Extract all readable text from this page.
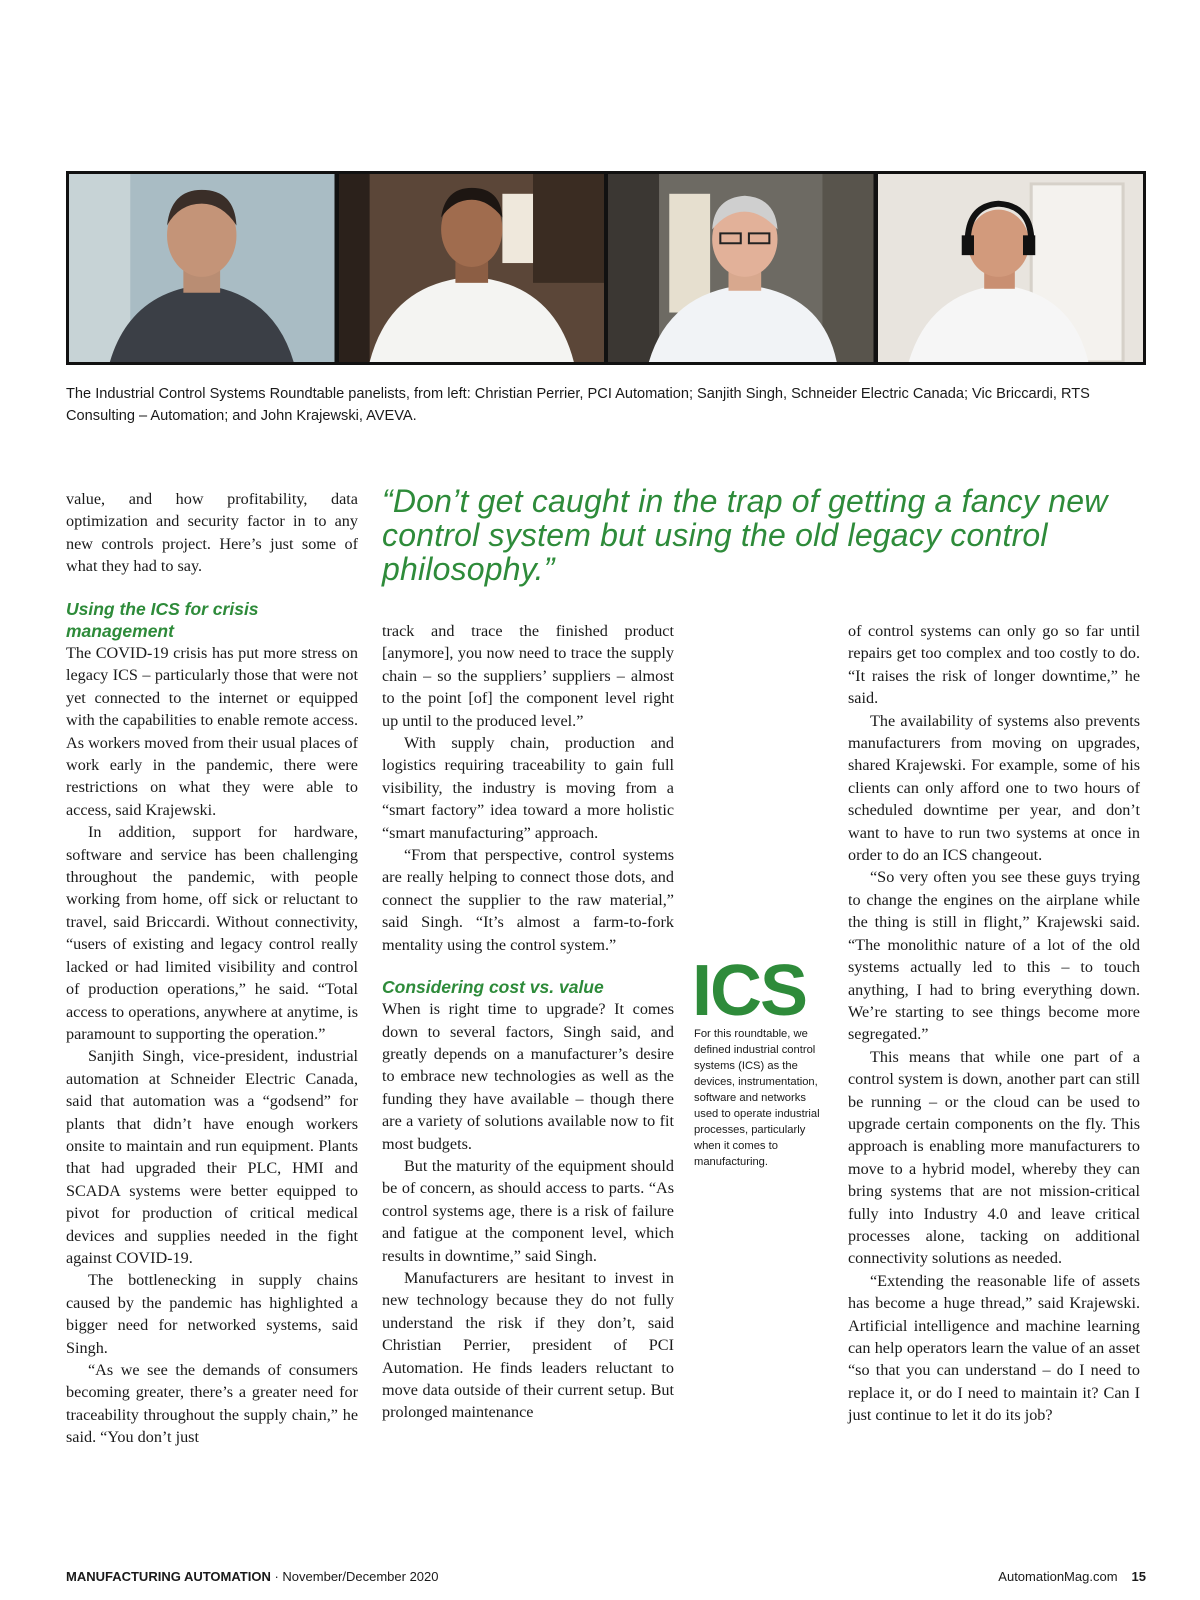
The Industrial Control Systems Roundtable panelists, from left: Christian Perrier, PCI Automation; Sanjith Singh, Schneider Electric Canada; Vic Briccardi, RTS Consulting – Automation; and John Krajewski, AVEVA.
“Don’t get caught in the trap of getting a fancy new control system but using the old legacy control philosophy.”

value, and how profitability, data optimization and security factor in to any new controls project. Here’s just some of what they had to say.

Using the ICS for crisis management

The COVID-19 crisis has put more stress on legacy ICS – particularly those that were not yet connected to the internet or equipped with the capabilities to enable remote access. As workers moved from their usual places of work early in the pandemic, there were restrictions on what they were able to access, said Krajewski.

In addition, support for hardware, software and service has been challenging throughout the pandemic, with people working from home, off sick or reluctant to travel, said Briccardi. Without connectivity, “users of existing and legacy control really lacked or had limited visibility and control of production operations,” he said. “Total access to operations, anywhere at anytime, is paramount to supporting the operation.”

Sanjith Singh, vice-president, industrial automation at Schneider Electric Canada, said that automation was a “godsend” for plants that didn’t have enough workers onsite to maintain and run equipment. Plants that had upgraded their PLC, HMI and SCADA systems were better equipped to pivot for production of critical medical devices and supplies needed in the fight against COVID-19.

The bottlenecking in supply chains caused by the pandemic has highlighted a bigger need for networked systems, said Singh.

“As we see the demands of consumers becoming greater, there’s a greater need for traceability throughout the supply chain,” he said. “You don’t just

track and trace the finished product [anymore], you now need to trace the supply chain – so the suppliers’ suppliers – almost to the point [of] the component level right up until to the produced level.”

With supply chain, production and logistics requiring traceability to gain full visibility, the industry is moving from a “smart factory” idea toward a more holistic “smart manufacturing” approach.

“From that perspective, control systems are really helping to connect those dots, and connect the supplier to the raw material,” said Singh. “It’s almost a farm-to-fork mentality using the control system.”

Considering cost vs. value

When is right time to upgrade? It comes down to several factors, Singh said, and greatly depends on a manufacturer’s desire to embrace new technologies as well as the funding they have available – though there are a variety of solutions available now to fit most budgets.

But the maturity of the equipment should be of concern, as should access to parts. “As control systems age, there is a risk of failure and fatigue at the component level, which results in downtime,” said Singh.

Manufacturers are hesitant to invest in new technology because they do not fully understand the risk if they don’t, said Christian Perrier, president of PCI Automation. He finds leaders reluctant to move data outside of their current setup. But prolonged maintenance

ICS
For this roundtable, we defined industrial control systems (ICS) as the devices, instrumentation, software and networks used to operate industrial processes, particularly when it comes to manufacturing.

of control systems can only go so far until repairs get too complex and too costly to do. “It raises the risk of longer downtime,” he said.

The availability of systems also prevents manufacturers from moving on upgrades, shared Krajewski. For example, some of his clients can only afford one to two hours of scheduled downtime per year, and don’t want to have to run two systems at once in order to do an ICS changeout.

“So very often you see these guys trying to change the engines on the airplane while the thing is still in flight,” Krajewski said. “The monolithic nature of a lot of the old systems actually led to this – to touch anything, I had to bring everything down. We’re starting to see things become more segregated.”

This means that while one part of a control system is down, another part can still be running – or the cloud can be used to upgrade certain components on the fly. This approach is enabling more manufacturers to move to a hybrid model, whereby they can bring systems that are not mission-critical fully into Industry 4.0 and leave critical processes alone, tacking on additional connectivity solutions as needed.

“Extending the reasonable life of assets has become a huge thread,” said Krajewski. Artificial intelligence and machine learning can help operators learn the value of an asset “so that you can understand – do I need to replace it, or do I need to maintain it? Can I just continue to let it do its job?

MANUFACTURING AUTOMATION · November/December 2020	AutomationMag.com 15
